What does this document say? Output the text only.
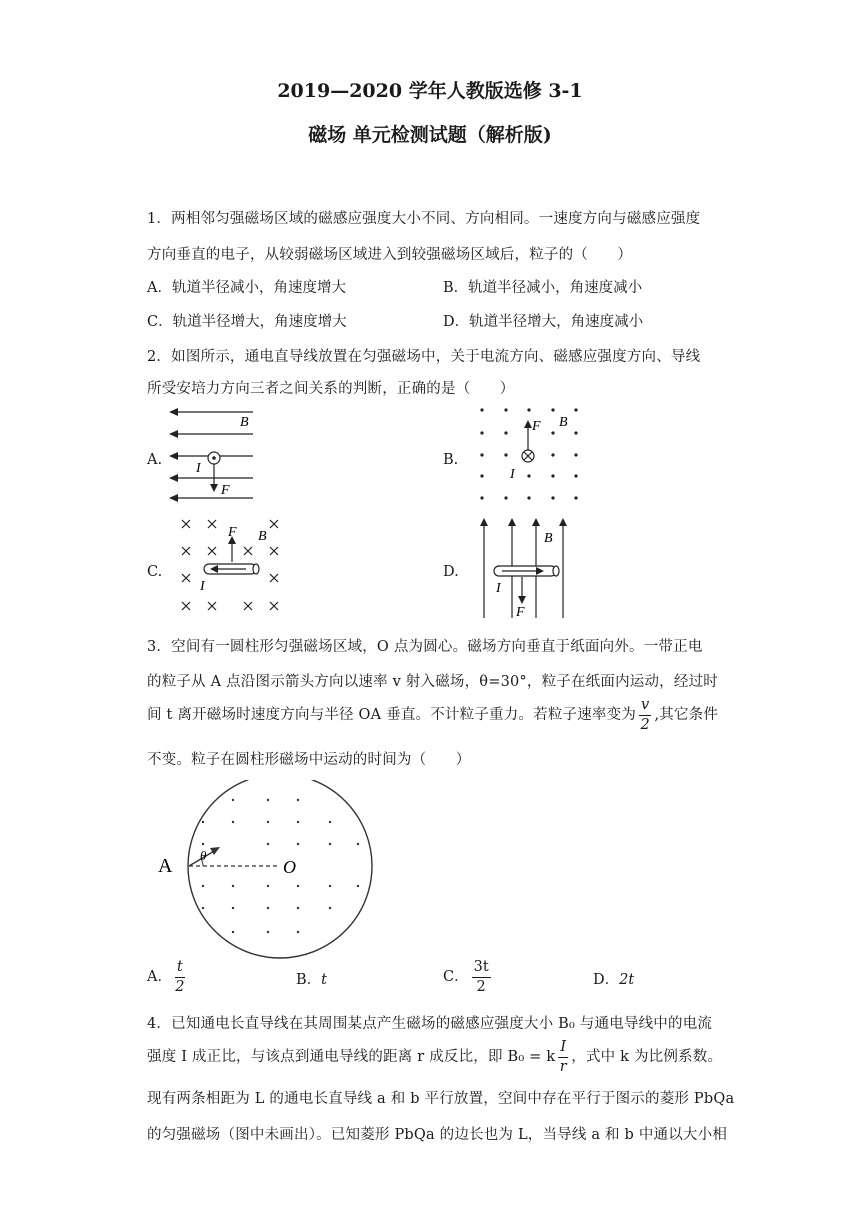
2019—2020 学年人教版选修 3-1
磁场 单元检测试题（解析版)
1．两相邻匀强磁场区域的磁感应强度大小不同、方向相同。一速度方向与磁感应强度
方向垂直的电子，从较弱磁场区域进入到较强磁场区域后，粒子的（　　）
A．轨道半径减小，角速度增大	B．轨道半径减小，角速度减小
C．轨道半径增大，角速度增大	D．轨道半径增大，角速度减小
2．如图所示，通电直导线放置在匀强磁场中，关于电流方向、磁感应强度方向、导线
所受安培力方向三者之间关系的判断，正确的是（　　）
A.	B.
C.	D.
B
I
F
F B
I
F B
I
B
I
F
3．空间有一圆柱形匀强磁场区域，O 点为圆心。磁场方向垂直于纸面向外。一带正电
的粒子从 A 点沿图示箭头方向以速率 v 射入磁场，θ=30°，粒子在纸面内运动，经过时
间 t 离开磁场时速度方向与半径 OA 垂直。不计粒子重力。若粒子速率变为 $\frac{v}{2}$ ,其它条件
不变。粒子在圆柱形磁场中运动的时间为（　　）
A θ
O
A． $\frac{t}{2}$	B．t	C． $\frac{3t}{2}$	D．2t
4．已知通电长直导线在其周围某点产生磁场的磁感应强度大小 B₀ 与通电导线中的电流
强度 I 成正比，与该点到通电导线的距离 r 成反比，即 B₀ = k $\frac{I}{r}$ ，式中 k 为比例系数。
现有两条相距为 L 的通电长直导线 a 和 b 平行放置，空间中存在平行于图示的菱形 PbQa
的匀强磁场（图中未画出）。已知菱形 PbQa 的边长也为 L，当导线 a 和 b 中通以大小相
